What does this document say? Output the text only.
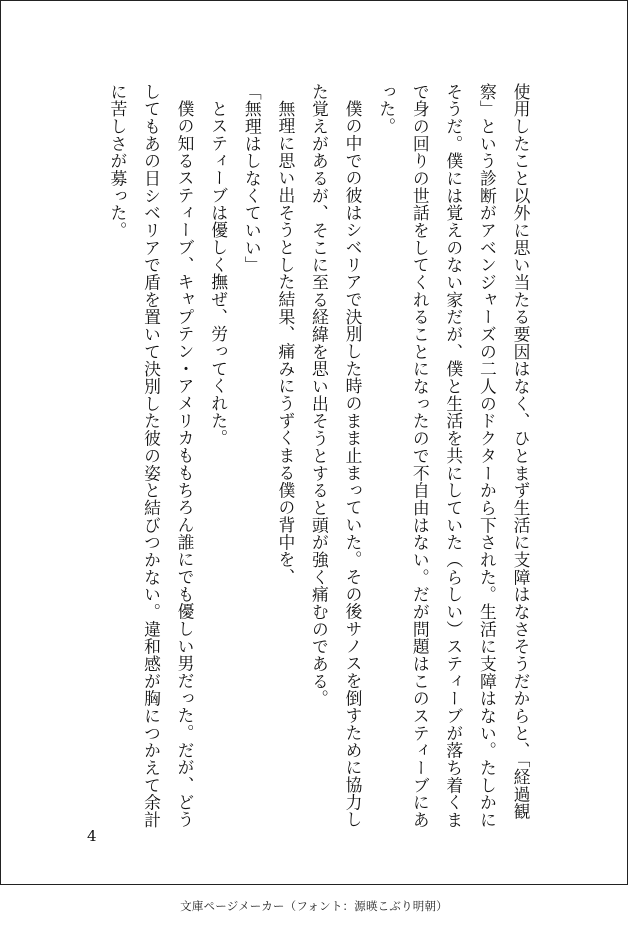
使用したこと以外に思い当たる要因はなく、ひとまず生活に支障はなさそうだからと、「経過観察」という診断がアベンジャーズの二人のドクターから下された。生活に支障はない。たしかにそうだ。僕には覚えのない家だが、僕と生活を共にしていた（らしい）スティーブが落ち着くまで身の回りの世話をしてくれることになったので不自由はない。だが問題はこのスティーブにあった。

僕の中での彼はシベリアで決別した時のまま止まっていた。その後サノスを倒すために協力した覚えがあるが、そこに至る経緯を思い出そうとすると頭が強く痛むのである。

無理に思い出そうとした結果、痛みにうずくまる僕の背中を、

「無理はしなくていい」

とスティーブは優しく撫ぜ、労ってくれた。

僕の知るスティーブ、キャプテン・アメリカももちろん誰にでも優しい男だった。だが、どうしてもあの日シベリアで盾を置いて決別した彼の姿と結びつかない。違和感が胸につかえて余計に苦しさが募った。

4
文庫ページメーカー（フォント：源暎こぶり明朝）
